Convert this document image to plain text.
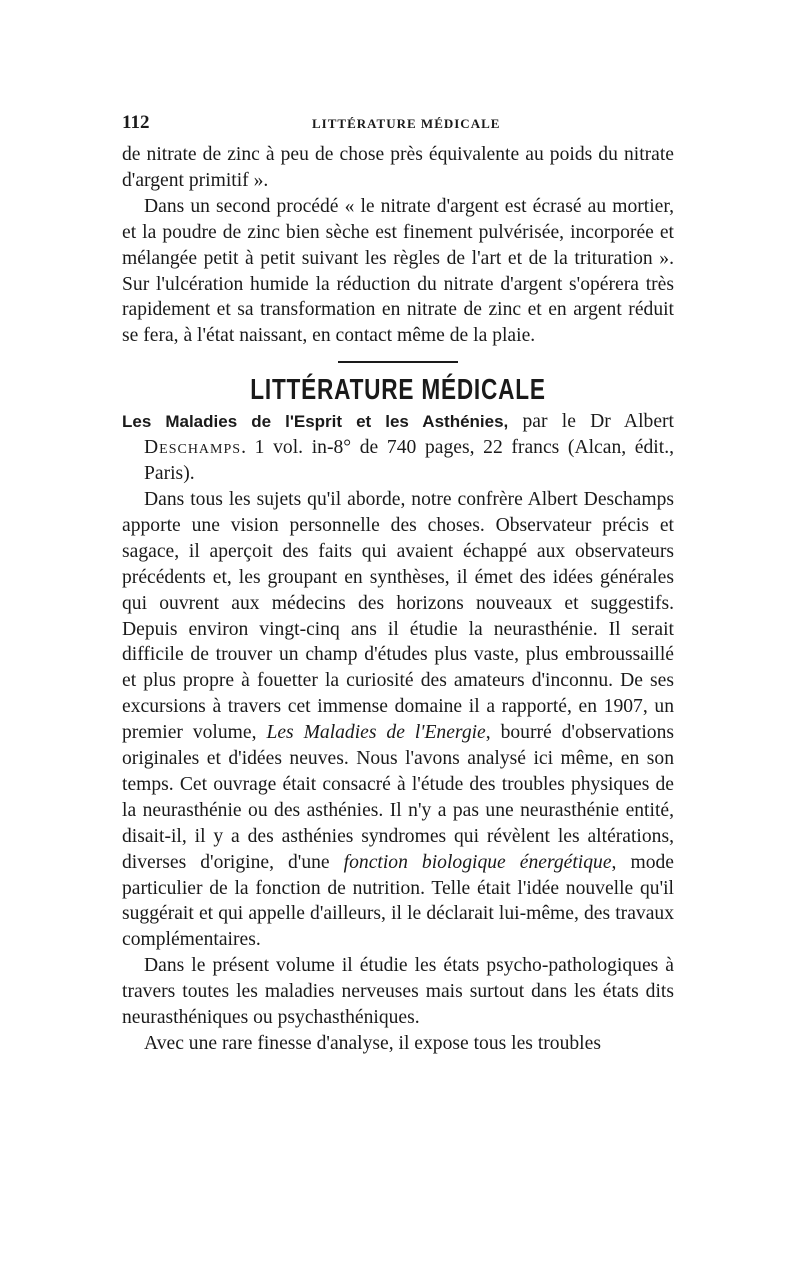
112	LITTÉRATURE MÉDICALE

de nitrate de zinc à peu de chose près équivalente au poids du nitrate d'argent primitif ».

Dans un second procédé « le nitrate d'argent est écrasé au mortier, et la poudre de zinc bien sèche est finement pulvérisée, incorporée et mélangée petit à petit suivant les règles de l'art et de la trituration ». Sur l'ulcération humide la réduction du nitrate d'argent s'opérera très rapidement et sa transformation en nitrate de zinc et en argent réduit se fera, à l'état naissant, en contact même de la plaie.

LITTÉRATURE MÉDICALE

Les Maladies de l'Esprit et les Asthénies, par le Dr Albert Deschamps. 1 vol. in-8° de 740 pages, 22 francs (Alcan, édit., Paris).

Dans tous les sujets qu'il aborde, notre confrère Albert Deschamps apporte une vision personnelle des choses. Observateur précis et sagace, il aperçoit des faits qui avaient échappé aux observateurs précédents et, les groupant en synthèses, il émet des idées générales qui ouvrent aux médecins des horizons nouveaux et suggestifs. Depuis environ vingt-cinq ans il étudie la neurasthénie. Il serait difficile de trouver un champ d'études plus vaste, plus embroussaillé et plus propre à fouetter la curiosité des amateurs d'inconnu. De ses excursions à travers cet immense domaine il a rapporté, en 1907, un premier volume, Les Maladies de l'Energie, bourré d'observations originales et d'idées neuves. Nous l'avons analysé ici même, en son temps. Cet ouvrage était consacré à l'étude des troubles physiques de la neurasthénie ou des asthénies. Il n'y a pas une neurasthénie entité, disait-il, il y a des asthénies syndromes qui révèlent les altérations, diverses d'origine, d'une fonction biologique énergétique, mode particulier de la fonction de nutrition. Telle était l'idée nouvelle qu'il suggérait et qui appelle d'ailleurs, il le déclarait lui-même, des travaux complémentaires.

Dans le présent volume il étudie les états psycho-pathologiques à travers toutes les maladies nerveuses mais surtout dans les états dits neurasthéniques ou psychasthéniques.

Avec une rare finesse d'analyse, il expose tous les troubles
